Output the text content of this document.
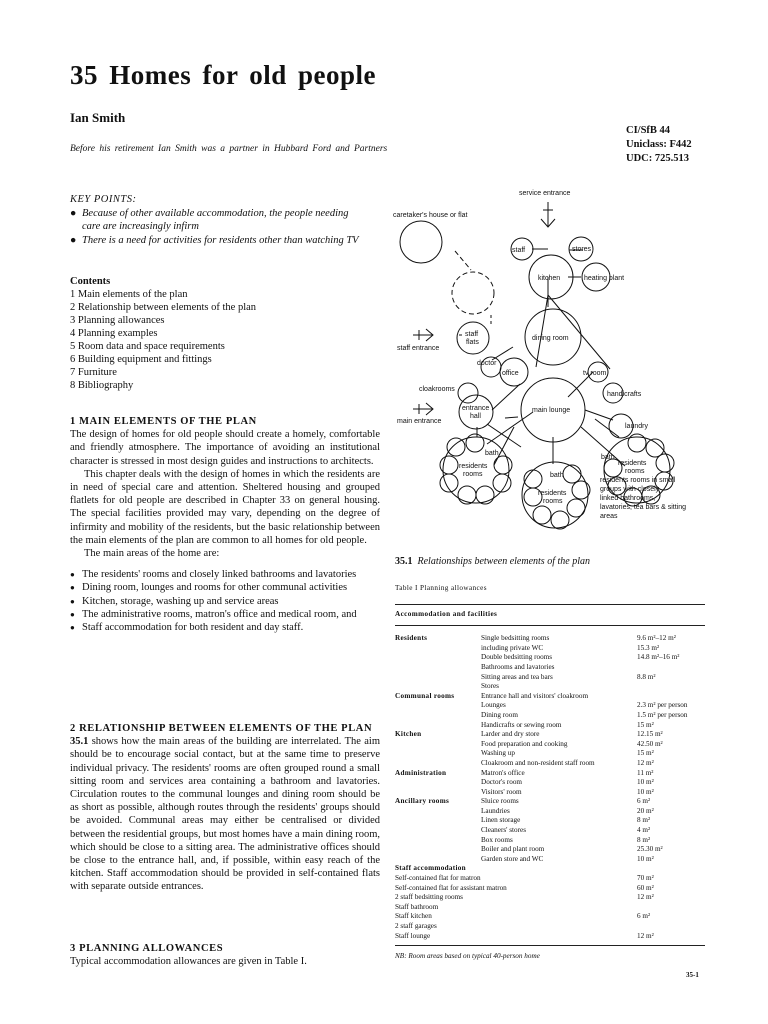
35 Homes for old people
Ian Smith
Before his retirement Ian Smith was a partner in Hubbard Ford and Partners
CI/SfB 44
Uniclass: F442
UDC: 725.513
KEY POINTS:
● Because of other available accommodation, the people needing care are increasingly infirm
● There is a need for activities for residents other than watching TV
Contents
1 Main elements of the plan
2 Relationship between elements of the plan
3 Planning allowances
4 Planning examples
5 Room data and space requirements
6 Building equipment and fittings
7 Furniture
8 Bibliography
1 MAIN ELEMENTS OF THE PLAN
The design of homes for old people should create a homely, comfortable and friendly atmosphere. The importance of avoiding an institutional character is stressed in most design guides and instructions to architects.
This chapter deals with the design of homes in which the residents are in need of special care and attention. Sheltered housing and grouped flatlets for old people are described in Chapter 33 on general housing. The special facilities provided may vary, depending on the degree of infirmity and mobility of the residents, but the basic relationship between the main elements of the plan are common to all homes for old people.
The main areas of the home are:
● The residents' rooms and closely linked bathrooms and lavatories
● Dining room, lounges and rooms for other communal activities
● Kitchen, storage, washing up and service areas
● The administrative rooms, matron's office and medical room, and
● Staff accommodation for both resident and day staff.
2 RELATIONSHIP BETWEEN ELEMENTS OF THE PLAN
35.1 shows how the main areas of the building are interrelated. The aim should be to encourage social contact, but at the same time to preserve individual privacy. The residents' rooms are often grouped round a small sitting room and services area containing a bathroom and lavatories. Circulation routes to the communal lounges and dining room should be as short as possible, although routes through the residents' groups should be avoided. Communal areas may either be centralised or divided between the residential groups, but most homes have a main dining room, which should be close to a sitting area. The administrative offices should be close to the entrance hall, and, if possible, within easy reach of the kitchen. Staff accommodation should be provided in self-contained flats with separate outside entrances.
3 PLANNING ALLOWANCES
Typical accommodation allowances are given in Table I.
service entrance
caretaker's house or flat
staff	stores
kitchen	heating plant
staff
flats
dining room
staff entrance
doctor
office	tv room
cloakrooms
handicrafts
entrance
hall
main lounge
main entrance
laundry
bath
residents
rooms	bath
residents
rooms
bath
residents
rooms
residents rooms in small
groups with closely
linked bathrooms,
lavatories, tea bars & sitting
areas
35.1 Relationships between elements of the plan
Table I Planning allowances
Accommodation and facilities
Residents	Single bedsitting rooms	9.6 m²–12 m²
	including private WC	15.3 m²
	Double bedsitting rooms	14.8 m²–16 m²
	Bathrooms and lavatories	
	Sitting areas and tea bars	8.8 m²
	Stores	
Communal rooms	Entrance hall and visitors' cloakroom	
	Lounges	2.3 m² per person
	Dining room	1.5 m² per person
	Handicrafts or sewing room	15 m²
Kitchen	Larder and dry store	12.15 m²
	Food preparation and cooking	42.50 m²
	Washing up	15 m²
	Cloakroom and non-resident staff room	12 m²
Administration	Matron's office	11 m²
	Doctor's room	10 m²
	Visitors' room	10 m²
Ancillary rooms	Sluice rooms	6 m²
	Laundries	20 m²
	Linen storage	8 m²
	Cleaners' stores	4 m²
	Box rooms	8 m²
	Boiler and plant room	25.30 m²
	Garden store and WC	10 m²
Staff accommodation
Self-contained flat for matron	70 m²
Self-contained flat for assistant matron	60 m²
2 staff bedsitting rooms	12 m²
Staff bathroom	
Staff kitchen	6 m²
2 staff garages	
Staff lounge	12 m²
NB: Room areas based on typical 40-person home
35-1
